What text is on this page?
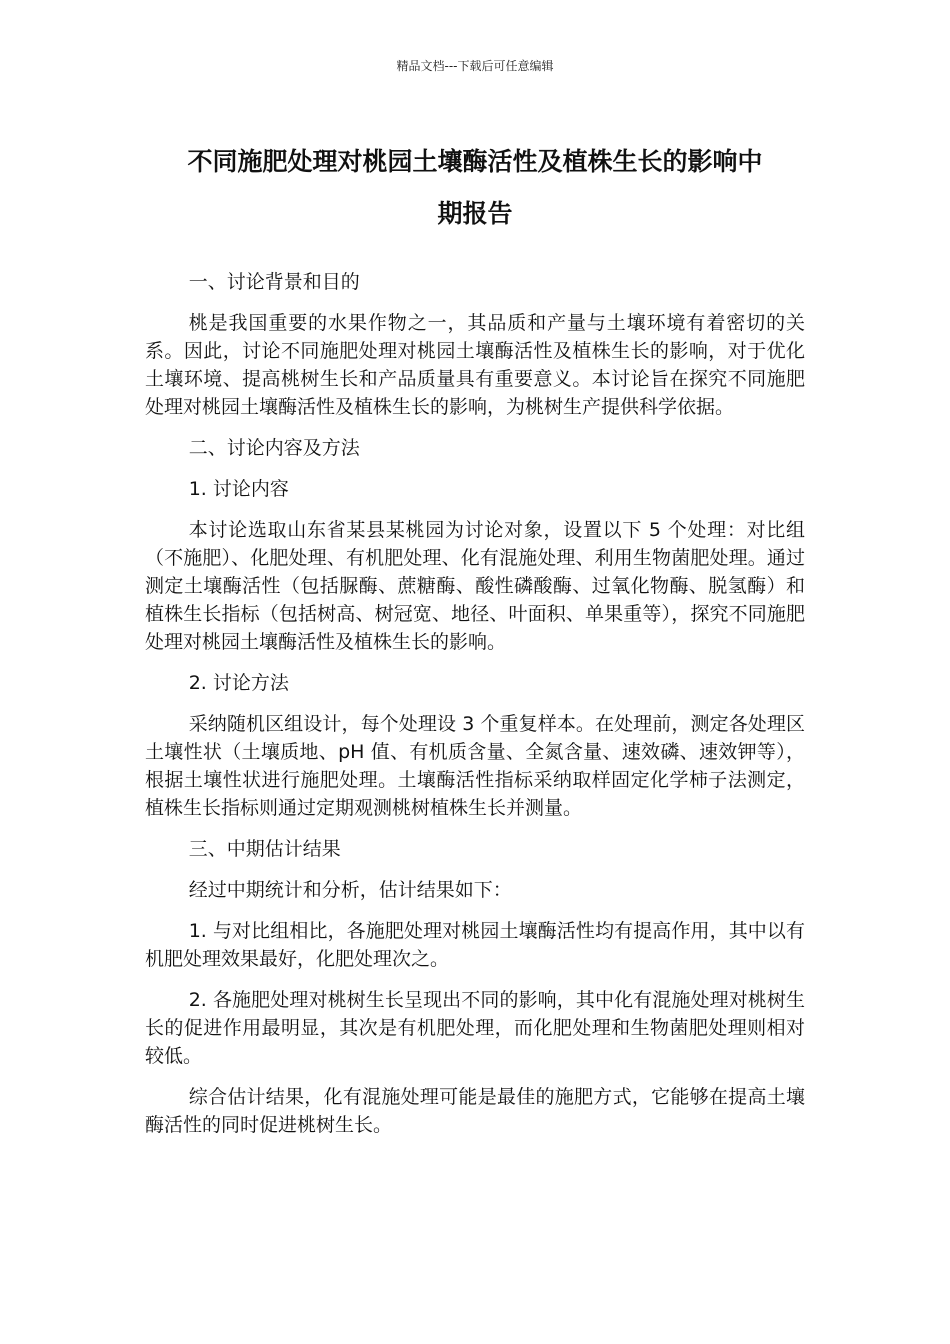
精品文档---下载后可任意编辑
不同施肥处理对桃园土壤酶活性及植株生长的影响中
期报告

一、讨论背景和目的

桃是我国重要的水果作物之一，其品质和产量与土壤环境有着密切的关系。因此，讨论不同施肥处理对桃园土壤酶活性及植株生长的影响，对于优化土壤环境、提高桃树生长和产品质量具有重要意义。本讨论旨在探究不同施肥处理对桃园土壤酶活性及植株生长的影响，为桃树生产提供科学依据。

二、讨论内容及方法

1. 讨论内容

本讨论选取山东省某县某桃园为讨论对象，设置以下 5 个处理：对比组（不施肥）、化肥处理、有机肥处理、化有混施处理、利用生物菌肥处理。通过测定土壤酶活性（包括脲酶、蔗糖酶、酸性磷酸酶、过氧化物酶、脱氢酶）和植株生长指标（包括树高、树冠宽、地径、叶面积、单果重等），探究不同施肥处理对桃园土壤酶活性及植株生长的影响。

2. 讨论方法

采纳随机区组设计，每个处理设 3 个重复样本。在处理前，测定各处理区土壤性状（土壤质地、pH 值、有机质含量、全氮含量、速效磷、速效钾等），根据土壤性状进行施肥处理。土壤酶活性指标采纳取样固定化学柿子法测定，植株生长指标则通过定期观测桃树植株生长并测量。

三、中期估计结果

经过中期统计和分析，估计结果如下：

1. 与对比组相比，各施肥处理对桃园土壤酶活性均有提高作用，其中以有机肥处理效果最好，化肥处理次之。

2. 各施肥处理对桃树生长呈现出不同的影响，其中化有混施处理对桃树生长的促进作用最明显，其次是有机肥处理，而化肥处理和生物菌肥处理则相对较低。

综合估计结果，化有混施处理可能是最佳的施肥方式，它能够在提高土壤酶活性的同时促进桃树生长。
